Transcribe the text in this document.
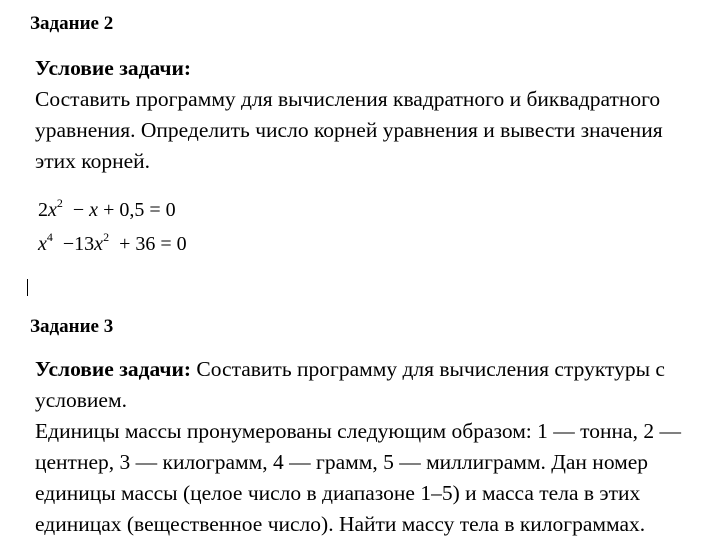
Задание 2
Условие задачи:
Составить программу для вычисления квадратного и биквадратного уравнения. Определить число корней уравнения и вывести значения этих корней.
$2x^2 - x + 0,5 = 0$
$x^4 -13x^2 + 36 = 0$
Задание 3
Условие задачи: Составить программу для вычисления структуры с условием.
Единицы массы пронумерованы следующим образом: 1 — тонна, 2 — центнер, 3 — килограмм, 4 — грамм, 5 — миллиграмм. Дан номер единицы массы (целое число в диапазоне 1–5) и масса тела в этих единицах (вещественное число). Найти массу тела в килограммах.
